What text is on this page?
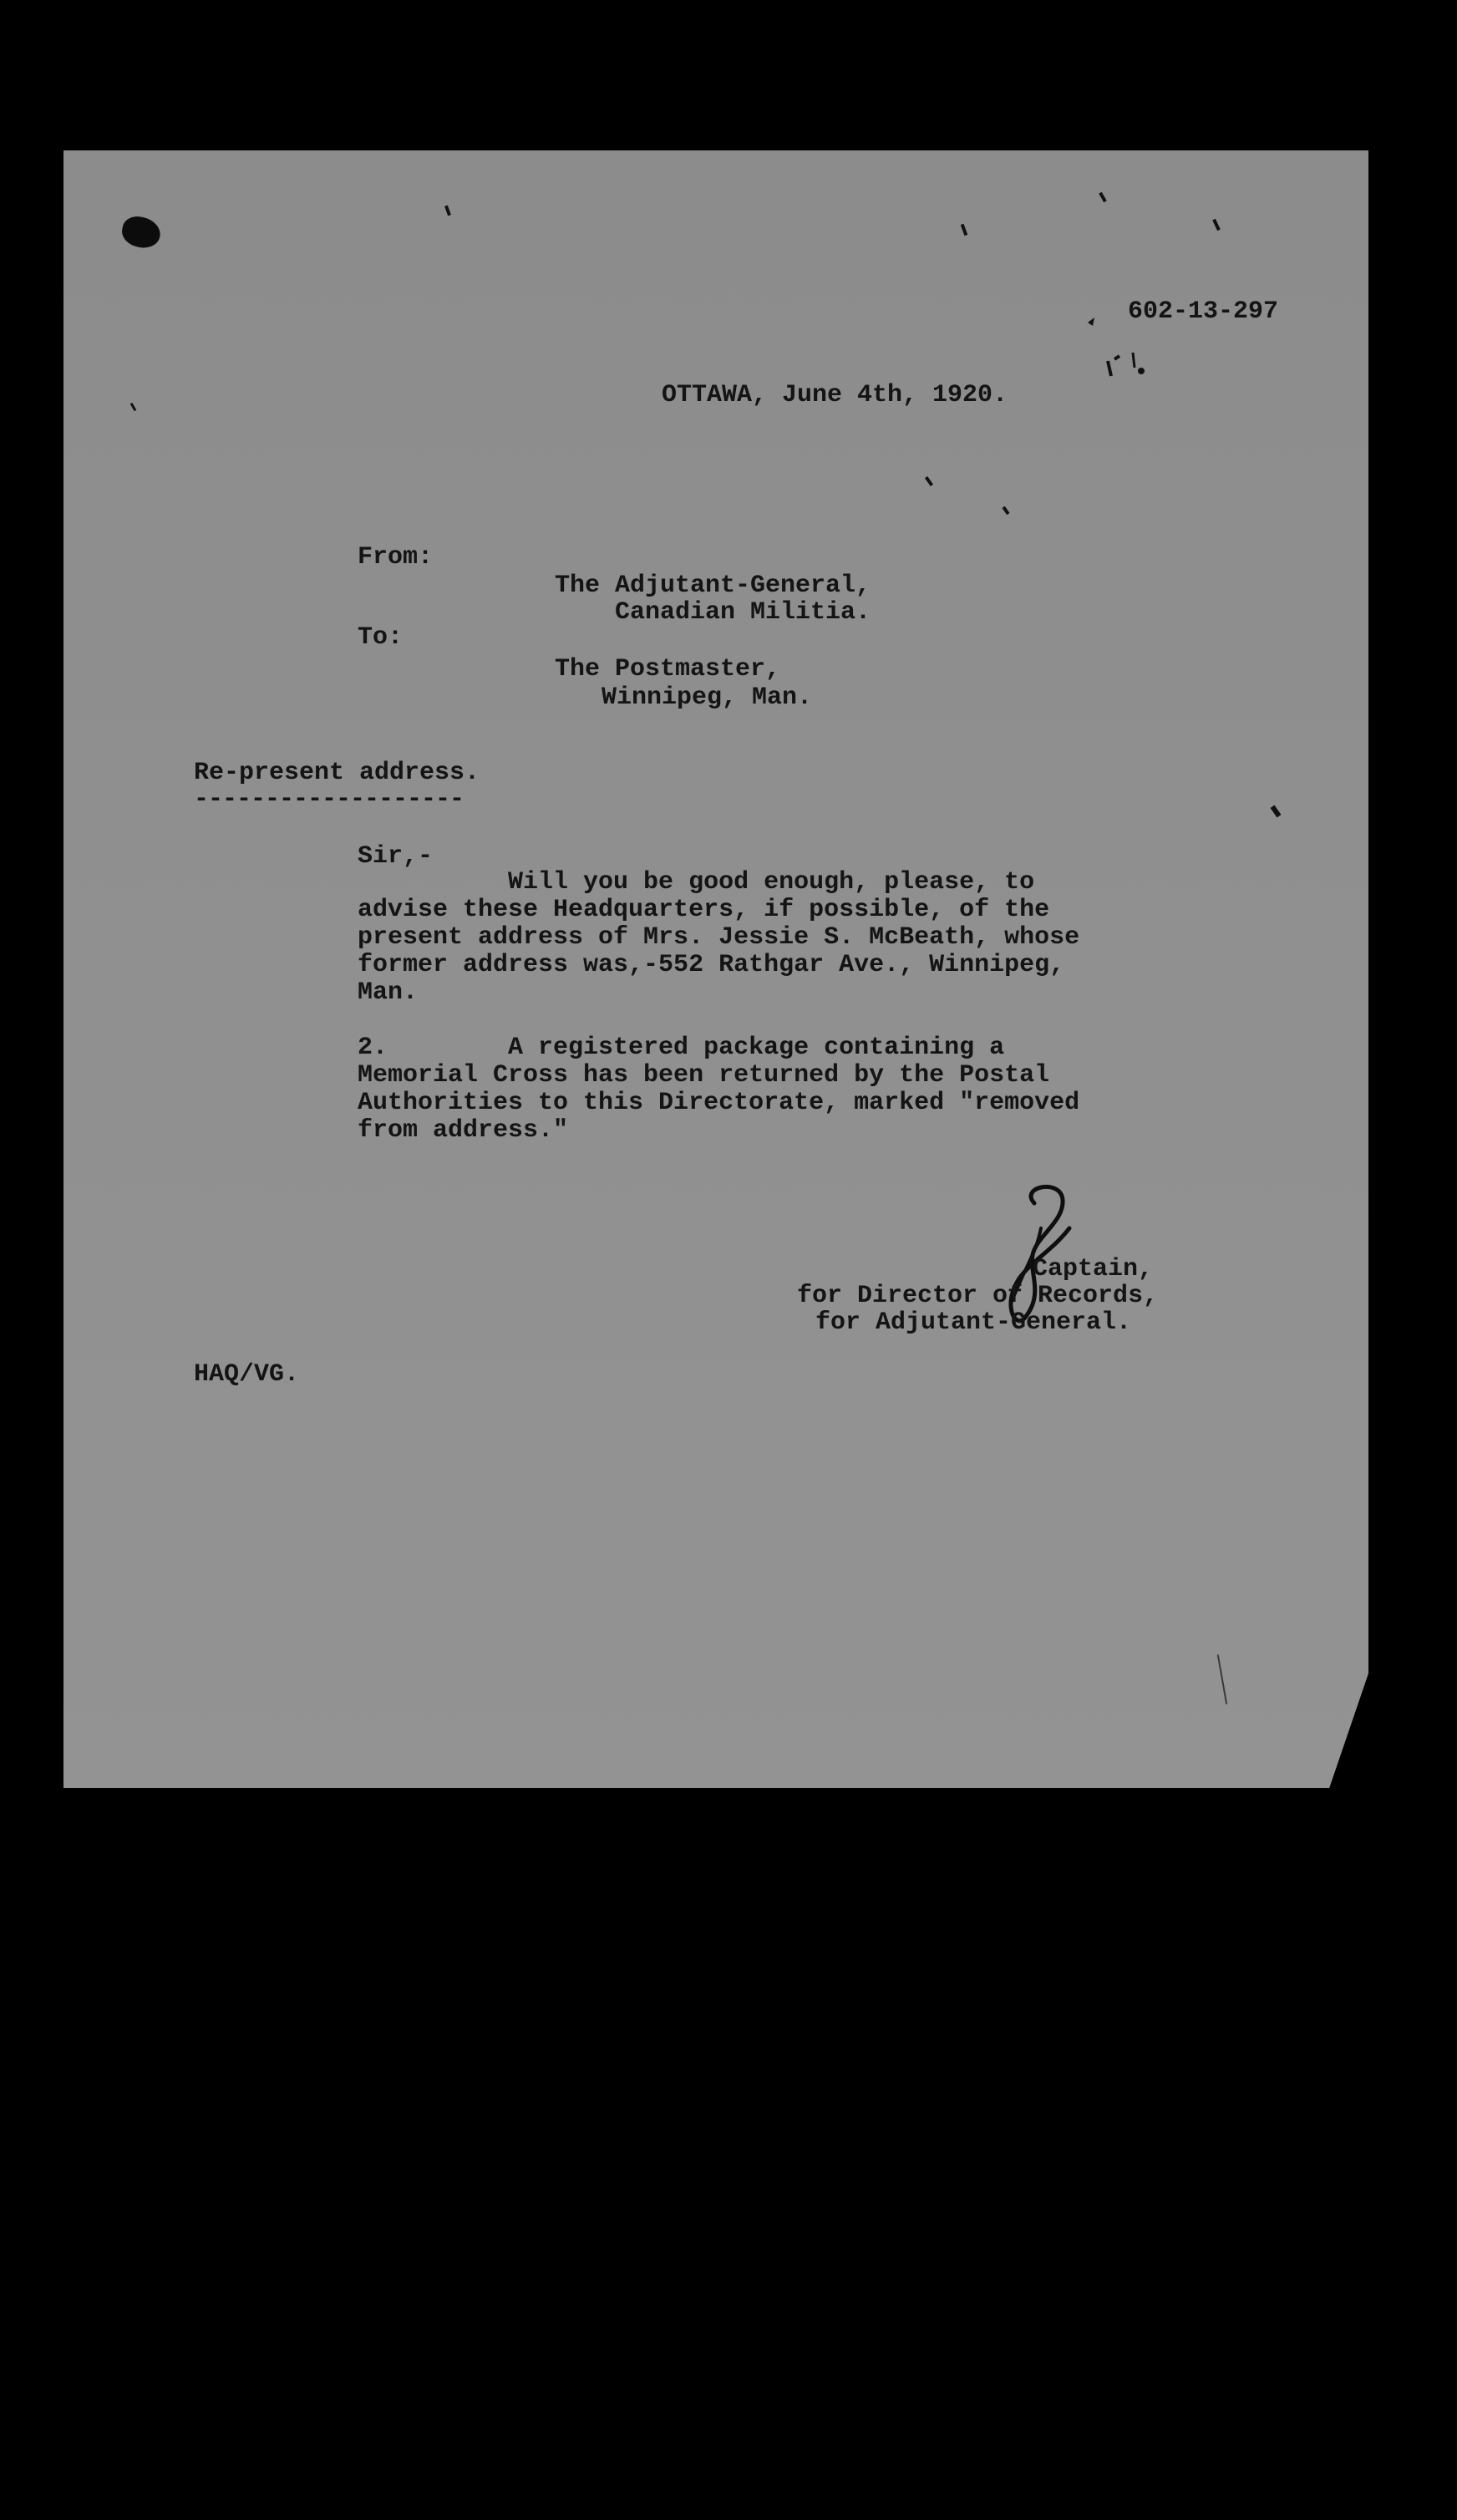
602-13-297
OTTAWA, June 4th, 1920.
From:
The Adjutant-General,
Canadian Militia.
To:
The Postmaster,
Winnipeg, Man.
Re-present address.
-------------------
Sir,-
Will you be good enough, please, to
advise these Headquarters, if possible, of the
present address of Mrs. Jessie S. McBeath, whose
former address was,-552 Rathgar Ave., Winnipeg,
Man.
2.        A registered package containing a
Memorial Cross has been returned by the Postal
Authorities to this Directorate, marked "removed
from address."
Captain,
for Director of Records,
for Adjutant-General.
HAQ/VG.
